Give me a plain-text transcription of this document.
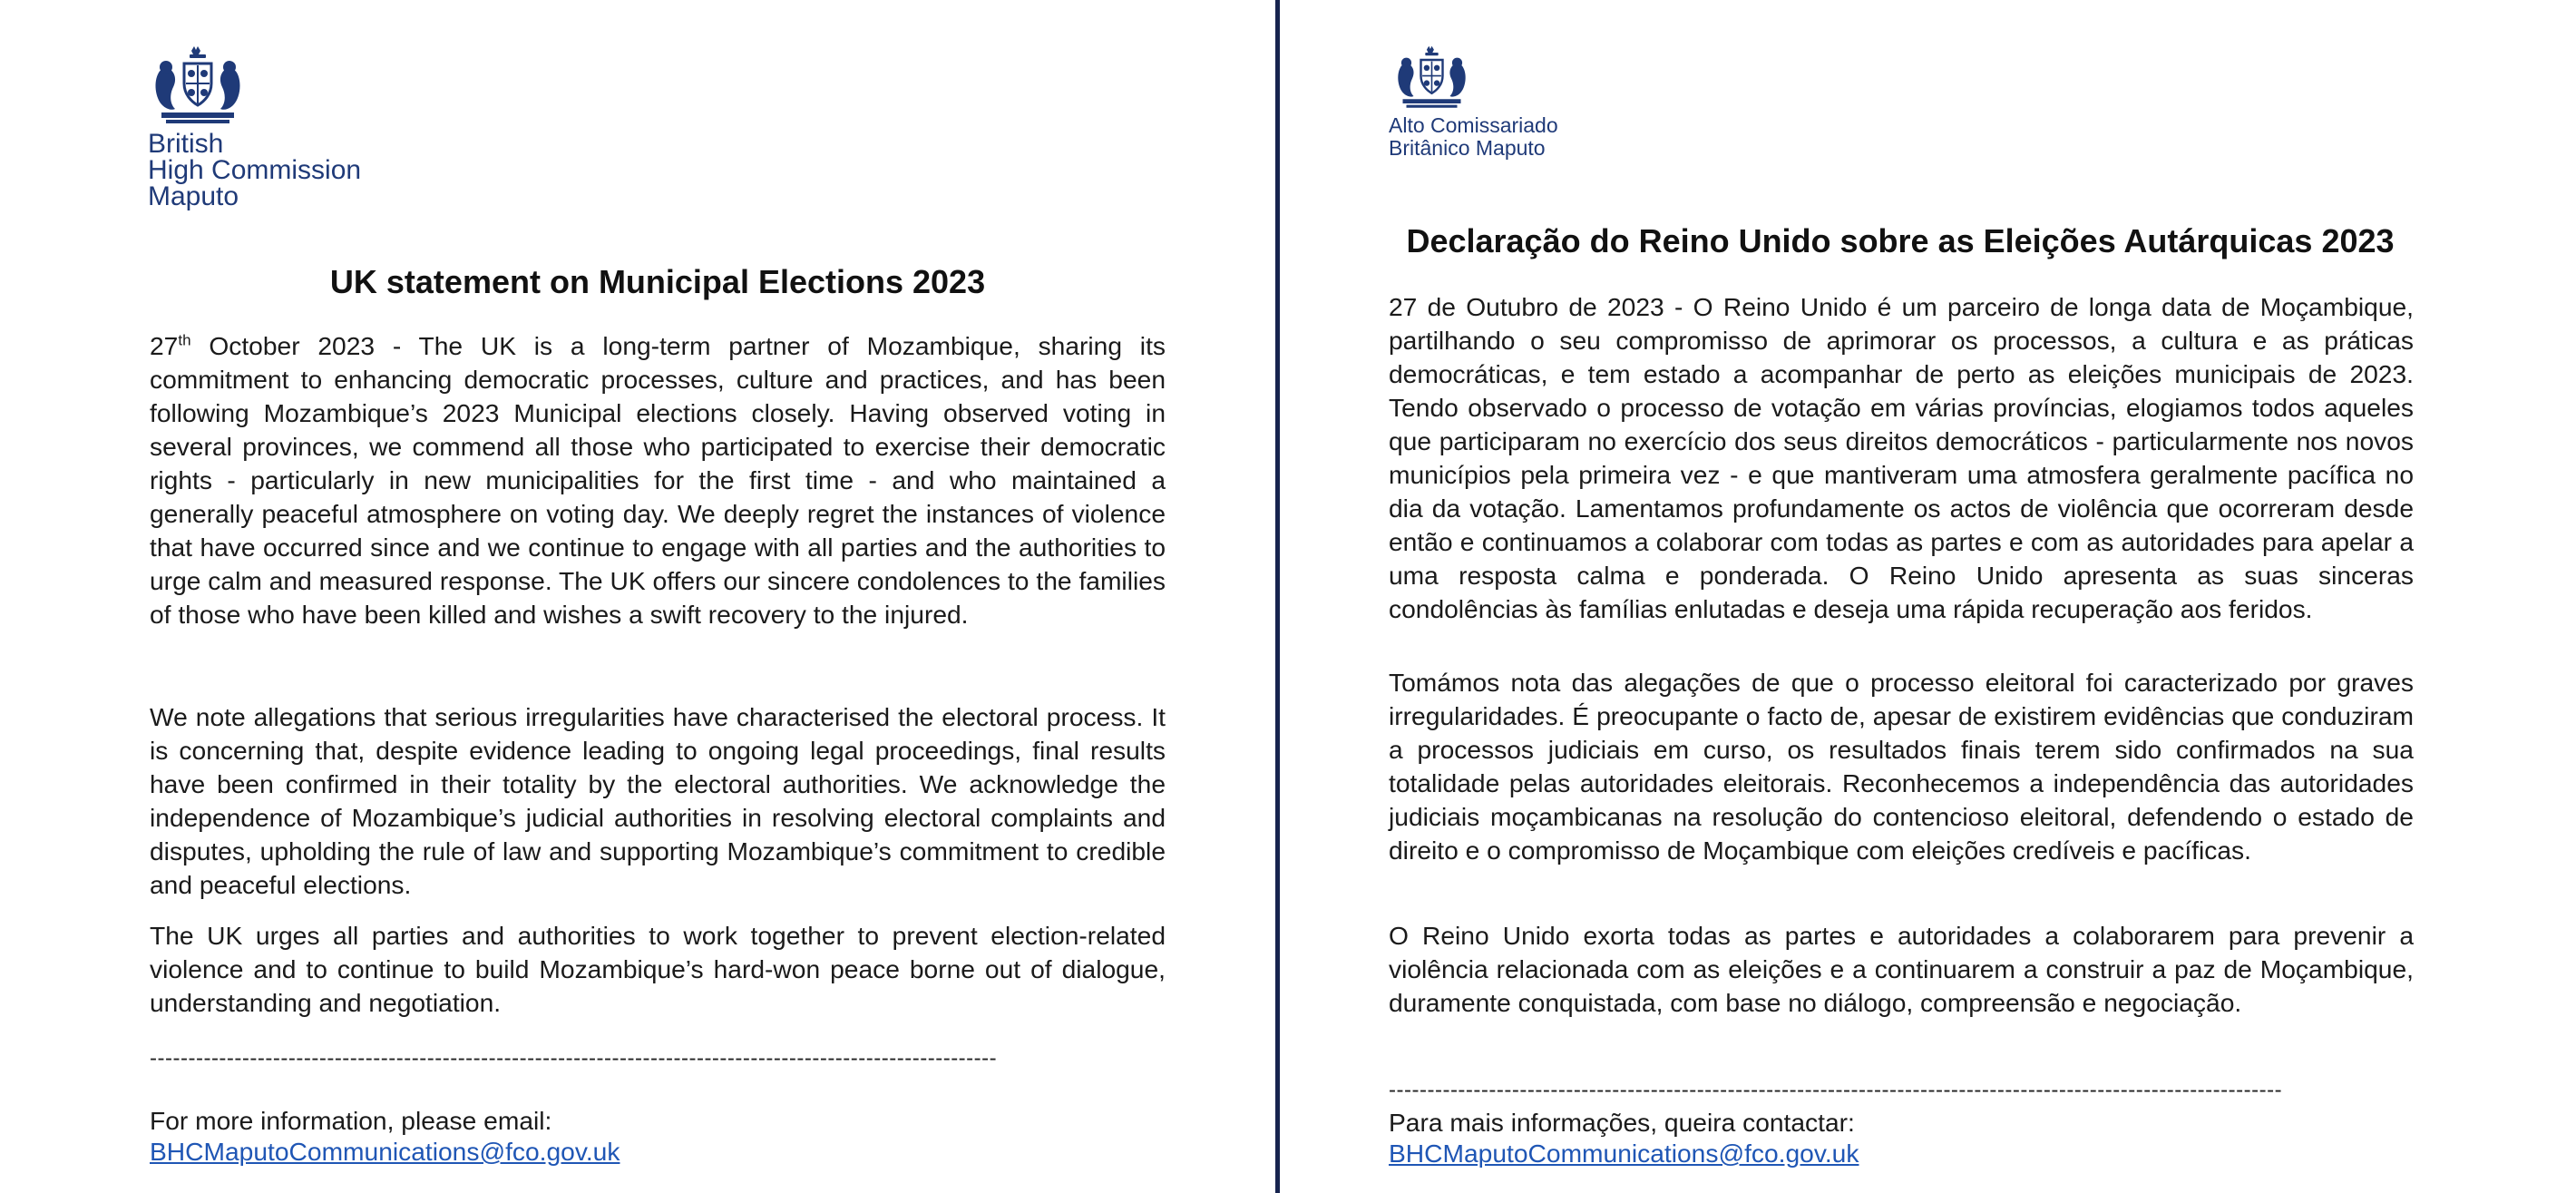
British
High Commission
Maputo
UK statement on Municipal Elections 2023

27th October 2023 - The UK is a long-term partner of Mozambique, sharing its commitment to enhancing democratic processes, culture and practices, and has been following Mozambique’s 2023 Municipal elections closely. Having observed voting in several provinces, we commend all those who participated to exercise their democratic rights - particularly in new municipalities for the first time - and who maintained a generally peaceful atmosphere on voting day. We deeply regret the instances of violence that have occurred since and we continue to engage with all parties and the authorities to urge calm and measured response. The UK offers our sincere condolences to the families of those who have been killed and wishes a swift recovery to the injured.

We note allegations that serious irregularities have characterised the electoral process. It is concerning that, despite evidence leading to ongoing legal proceedings, final results have been confirmed in their totality by the electoral authorities. We acknowledge the independence of Mozambique’s judicial authorities in resolving electoral complaints and disputes, upholding the rule of law and supporting Mozambique’s commitment to credible and peaceful elections.

The UK urges all parties and authorities to work together to prevent election-related violence and to continue to build Mozambique’s hard-won peace borne out of dialogue, understanding and negotiation.

--------------------------------------------------------------------------------------------------------------
For more information, please email:
BHCMaputoCommunications@fco.gov.uk
Alto Comissariado
Britânico Maputo
Declaração do Reino Unido sobre as Eleições Autárquicas 2023

27 de Outubro de 2023 - O Reino Unido é um parceiro de longa data de Moçambique, partilhando o seu compromisso de aprimorar os processos, a cultura e as práticas democráticas, e tem estado a acompanhar de perto as eleições municipais de 2023. Tendo observado o processo de votação em várias províncias, elogiamos todos aqueles que participaram no exercício dos seus direitos democráticos - particularmente nos novos municípios pela primeira vez - e que mantiveram uma atmosfera geralmente pacífica no dia da votação. Lamentamos profundamente os actos de violência que ocorreram desde então e continuamos a colaborar com todas as partes e com as autoridades para apelar a uma resposta calma e ponderada. O Reino Unido apresenta as suas sinceras condolências às famílias enlutadas e deseja uma rápida recuperação aos feridos.

Tomámos nota das alegações de que o processo eleitoral foi caracterizado por graves irregularidades. É preocupante o facto de, apesar de existirem evidências que conduziram a processos judiciais em curso, os resultados finais terem sido confirmados na sua totalidade pelas autoridades eleitorais. Reconhecemos a independência das autoridades judiciais moçambicanas na resolução do contencioso eleitoral, defendendo o estado de direito e o compromisso de Moçambique com eleições credíveis e pacíficas.

O Reino Unido exorta todas as partes e autoridades a colaborarem para prevenir a violência relacionada com as eleições e a continuarem a construir a paz de Moçambique, duramente conquistada, com base no diálogo, compreensão e negociação.

--------------------------------------------------------------------------------------------------------------------
Para mais informações, queira contactar:
BHCMaputoCommunications@fco.gov.uk
